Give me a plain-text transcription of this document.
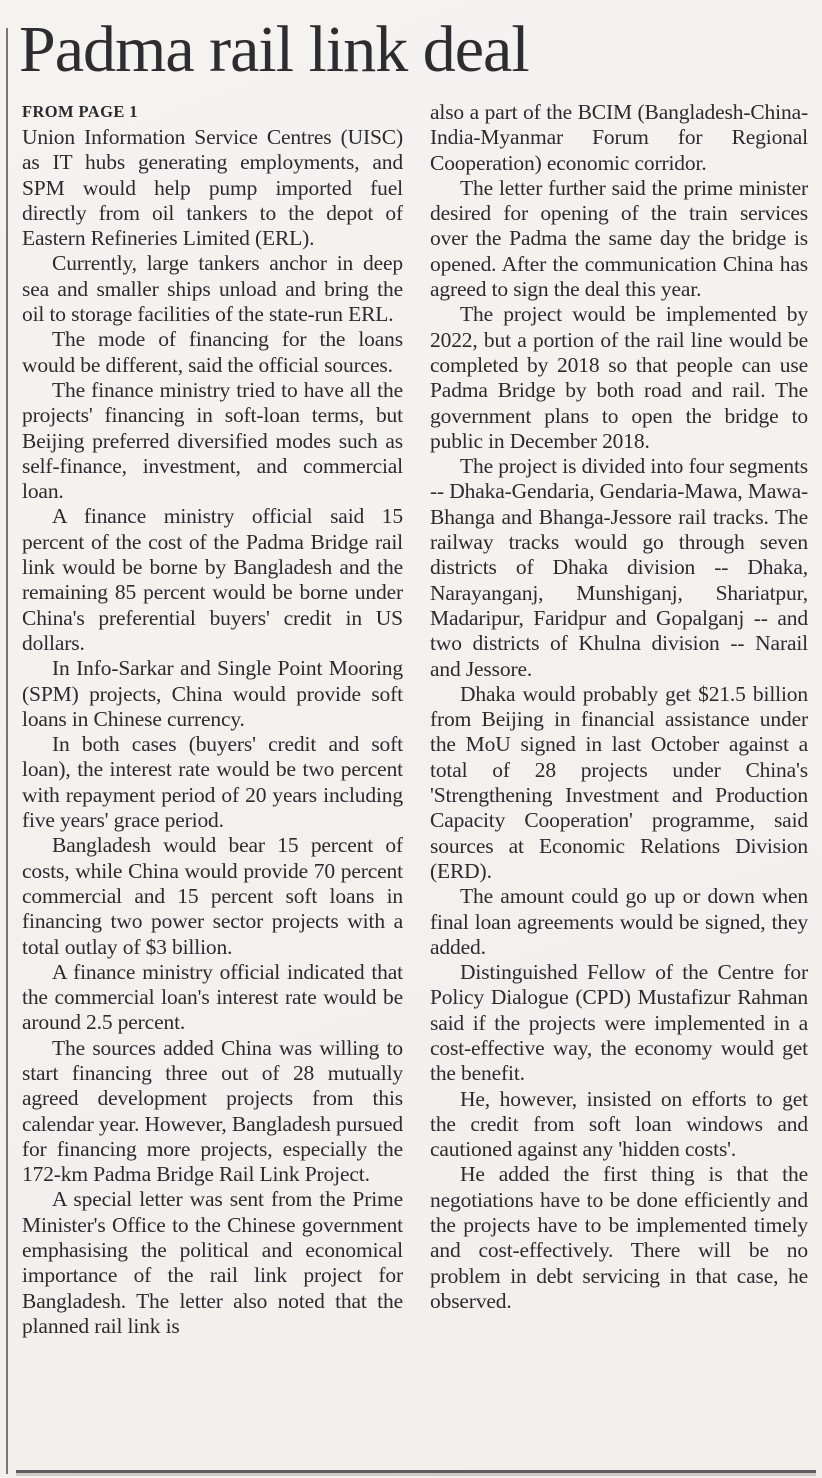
Padma rail link deal
FROM PAGE 1

Union Information Service Centres (UISC) as IT hubs generating employments, and SPM would help pump imported fuel directly from oil tankers to the depot of Eastern Refineries Limited (ERL).

Currently, large tankers anchor in deep sea and smaller ships unload and bring the oil to storage facilities of the state-run ERL.

The mode of financing for the loans would be different, said the official sources.

The finance ministry tried to have all the projects' financing in soft-loan terms, but Beijing preferred diversified modes such as self-finance, investment, and commercial loan.

A finance ministry official said 15 percent of the cost of the Padma Bridge rail link would be borne by Bangladesh and the remaining 85 percent would be borne under China's preferential buyers' credit in US dollars.

In Info-Sarkar and Single Point Mooring (SPM) projects, China would provide soft loans in Chinese currency.

In both cases (buyers' credit and soft loan), the interest rate would be two percent with repayment period of 20 years including five years' grace period.

Bangladesh would bear 15 percent of costs, while China would provide 70 percent commercial and 15 percent soft loans in financing two power sector projects with a total outlay of $3 billion.

A finance ministry official indicated that the commercial loan's interest rate would be around 2.5 percent.

The sources added China was willing to start financing three out of 28 mutually agreed development projects from this calendar year. However, Bangladesh pursued for financing more projects, especially the 172-km Padma Bridge Rail Link Project.

A special letter was sent from the Prime Minister's Office to the Chinese government emphasising the political and economical importance of the rail link project for Bangladesh. The letter also noted that the planned rail link is

also a part of the BCIM (Bangladesh-China-India-Myanmar Forum for Regional Cooperation) economic corridor.

The letter further said the prime minister desired for opening of the train services over the Padma the same day the bridge is opened. After the communication China has agreed to sign the deal this year.

The project would be implemented by 2022, but a portion of the rail line would be completed by 2018 so that people can use Padma Bridge by both road and rail. The government plans to open the bridge to public in December 2018.

The project is divided into four segments -- Dhaka-Gendaria, Gendaria-Mawa, Mawa-Bhanga and Bhanga-Jessore rail tracks. The railway tracks would go through seven districts of Dhaka division -- Dhaka, Narayanganj, Munshiganj, Shariatpur, Madaripur, Faridpur and Gopalganj -- and two districts of Khulna division -- Narail and Jessore.

Dhaka would probably get $21.5 billion from Beijing in financial assistance under the MoU signed in last October against a total of 28 projects under China's 'Strengthening Investment and Production Capacity Cooperation' programme, said sources at Economic Relations Division (ERD).

The amount could go up or down when final loan agreements would be signed, they added.

Distinguished Fellow of the Centre for Policy Dialogue (CPD) Mustafizur Rahman said if the projects were implemented in a cost-effective way, the economy would get the benefit.

He, however, insisted on efforts to get the credit from soft loan windows and cautioned against any 'hidden costs'.

He added the first thing is that the negotiations have to be done efficiently and the projects have to be implemented timely and cost-effectively. There will be no problem in debt servicing in that case, he observed.
